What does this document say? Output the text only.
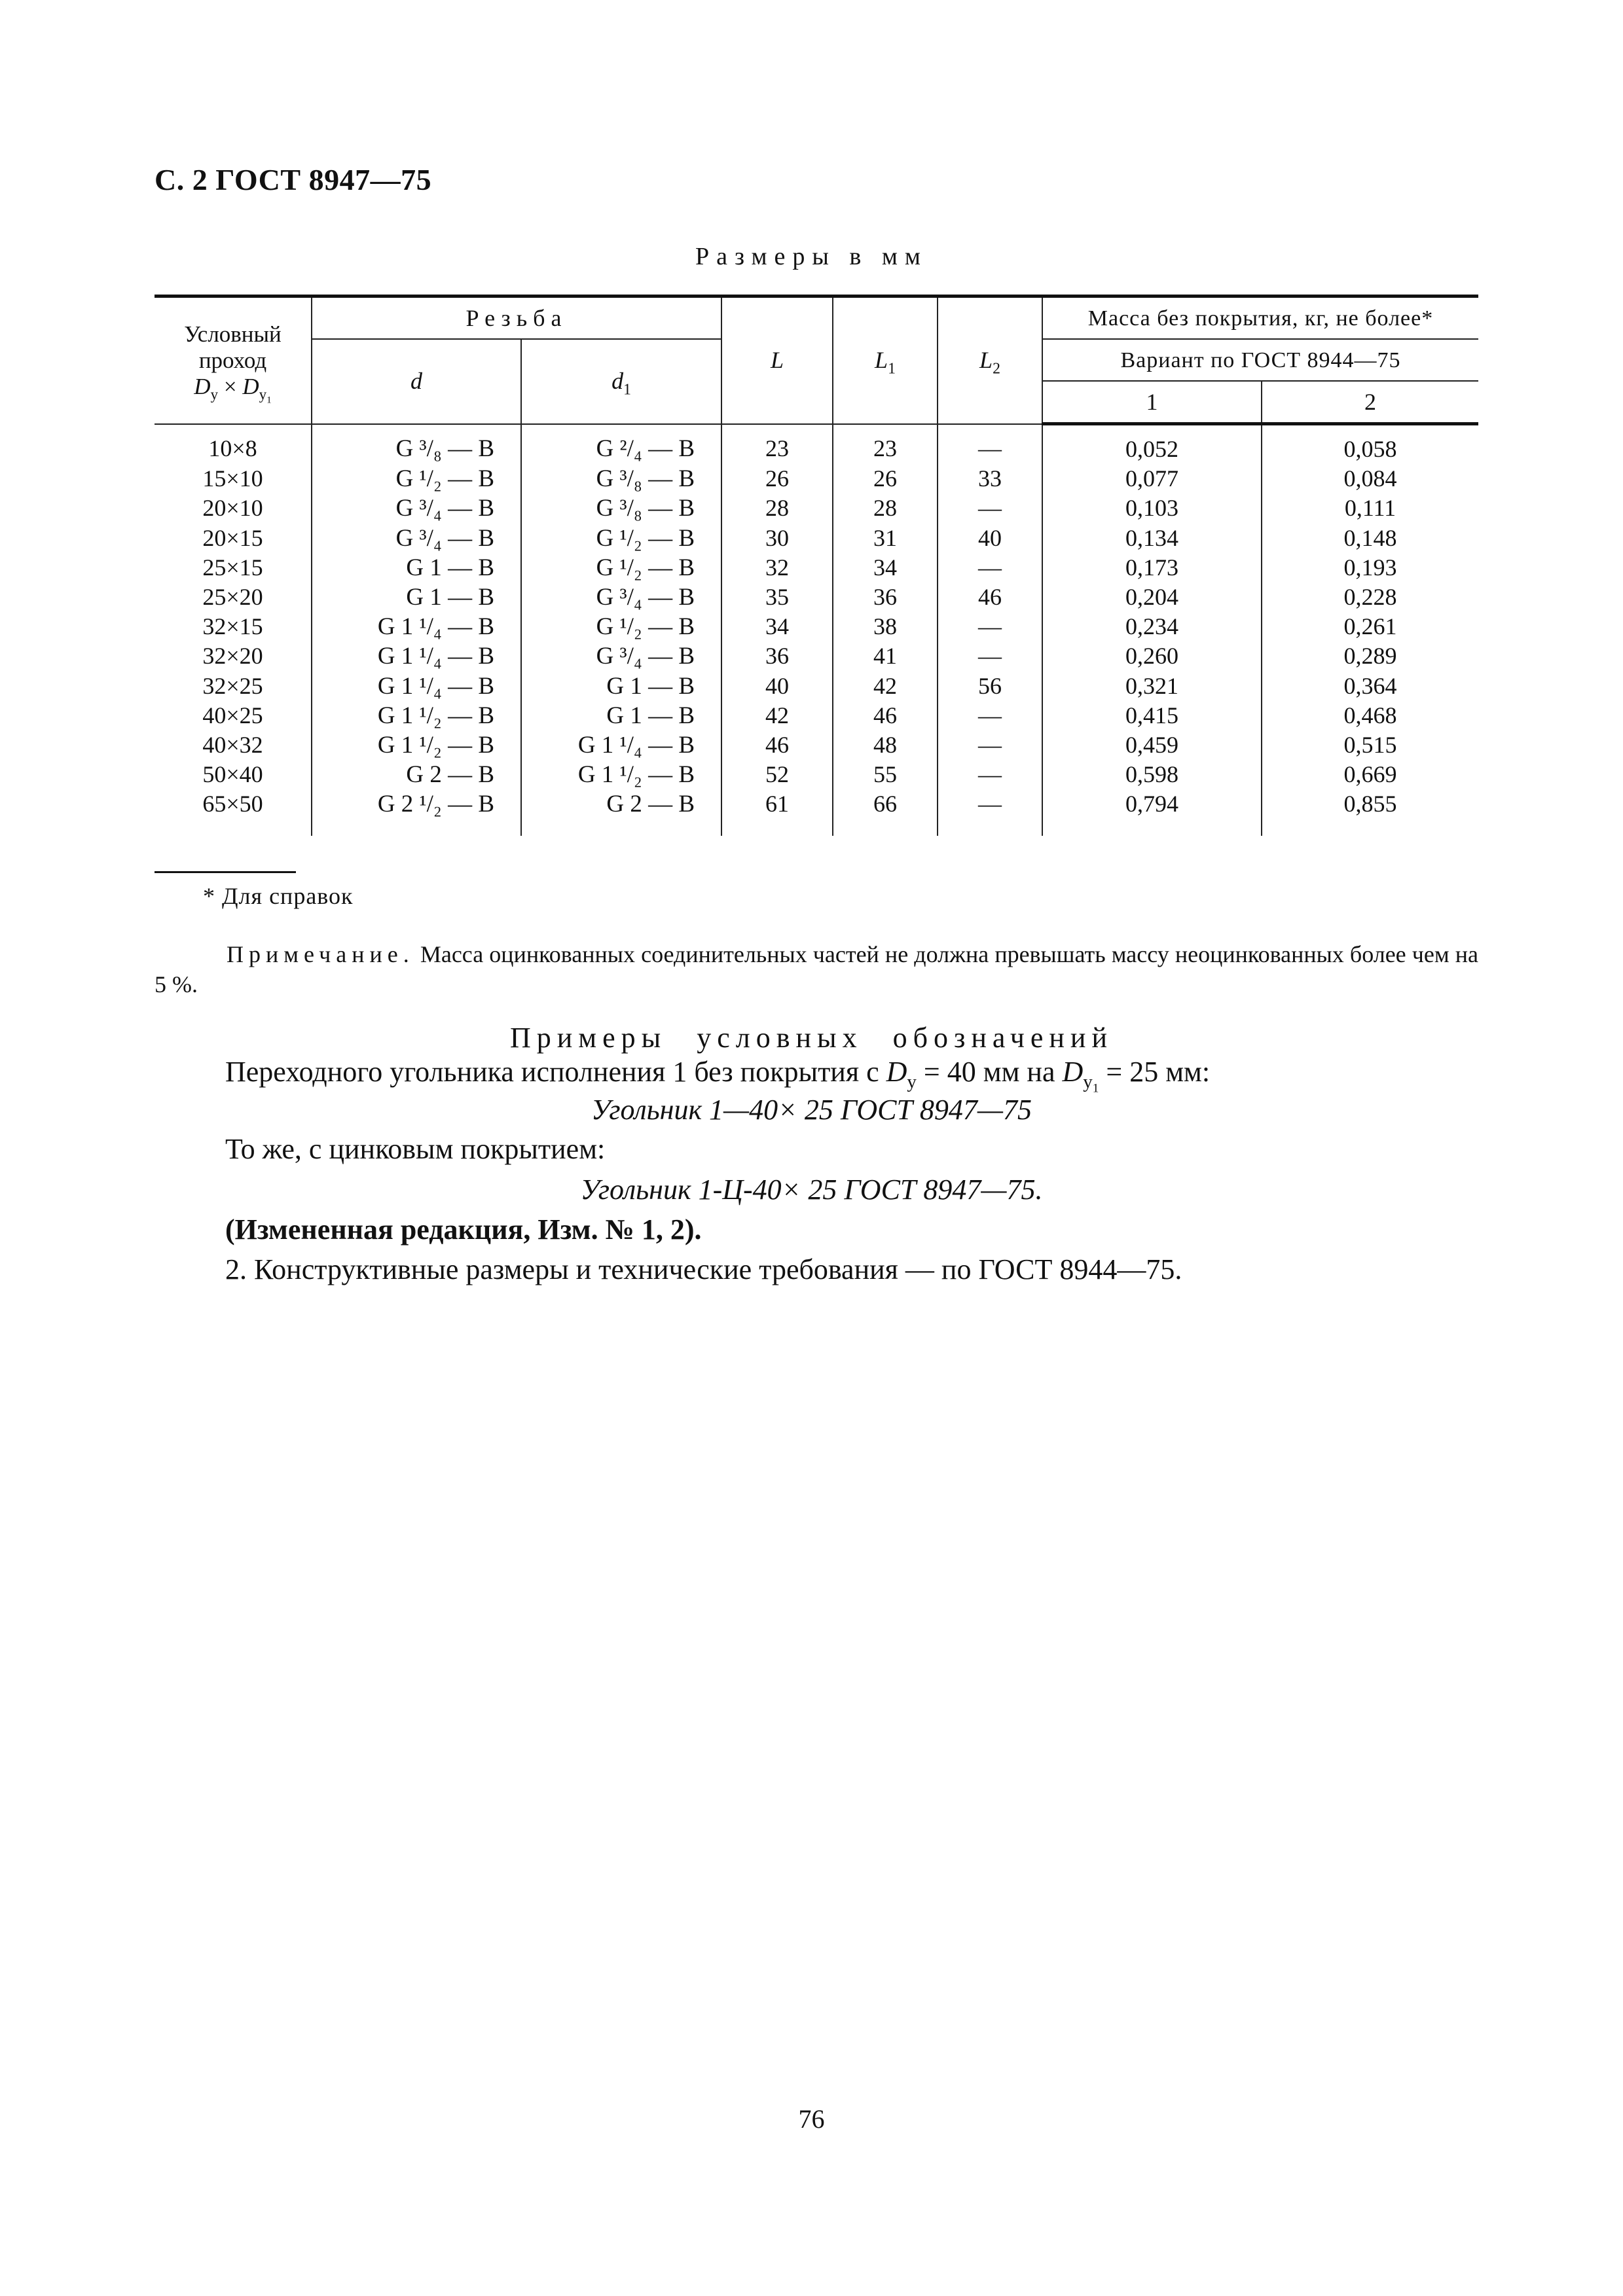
С. 2 ГОСТ 8947—75
Размеры в мм
Условный
проход
$D_у \times D_{у_1}$	Резьба		L	$L_1$	$L_2$	Масса без покрытия, кг, не более*	
	d	$d_1$				Вариант по ГОСТ 8944—75	
						1	2
10×8	G ³/₈ — B	G ²/₄ — B	23	23	—	0,052	0,058
15×10	G ¹/₂ — B	G ³/₈ — B	26	26	33	0,077	0,084
20×10	G ³/₄ — B	G ³/₈ — B	28	28	—	0,103	0,111
20×15	G ³/₄ — B	G ¹/₂ — B	30	31	40	0,134	0,148
25×15	G 1 — B	G ¹/₂ — B	32	34	—	0,173	0,193
25×20	G 1 — B	G ³/₄ — B	35	36	46	0,204	0,228
32×15	G 1 ¹/₄ — B	G ¹/₂ — B	34	38	—	0,234	0,261
32×20	G 1 ¹/₄ — B	G ³/₄ — B	36	41	—	0,260	0,289
32×25	G 1 ¹/₄ — B	G 1 — B	40	42	56	0,321	0,364
40×25	G 1 ¹/₂ — B	G 1 — B	42	46	—	0,415	0,468
40×32	G 1 ¹/₂ — B	G 1 ¹/₄ — B	46	48	—	0,459	0,515
50×40	G 2 — B	G 1 ¹/₂ — B	52	55	—	0,598	0,669
65×50	G 2 ¹/₂ — B	G 2 — B	61	66	—	0,794	0,855
* Для справок
Примечание. Масса оцинкованных соединительных частей не должна превышать массу неоцинкованных более чем на 5 %.
Примеры условных обозначений
Переходного угольника исполнения 1 без покрытия с $D_у = 40$ мм на $D_{у_1} = 25$ мм:
Угольник 1—40× 25 ГОСТ 8947—75
То же, с цинковым покрытием:
Угольник 1-Ц-40× 25 ГОСТ 8947—75.
(Измененная редакция, Изм. № 1, 2).
2. Конструктивные размеры и технические требования — по ГОСТ 8944—75.
76
